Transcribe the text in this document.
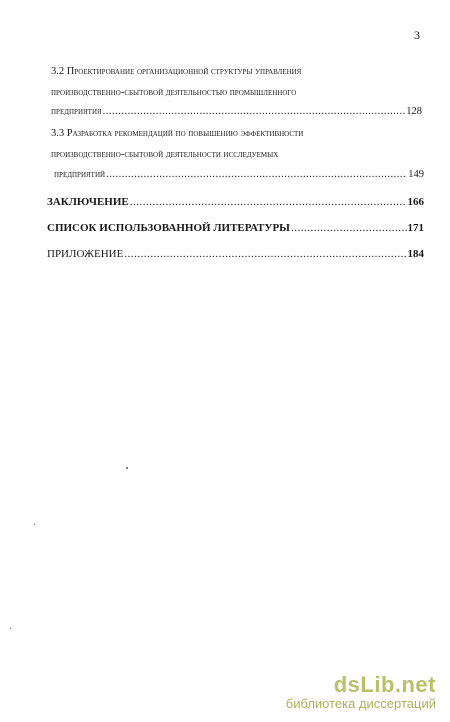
3
3.2 Проектирование организационной структуры управления
производственно-сбытовой деятельностью промышленного
предприятия .....	128
3.3 Разработка рекомендаций по повышению эффективности
производственно-сбытовой деятельности исследуемых
предприятий .....	149
ЗАКЛЮЧЕНИЕ .....	166
СПИСОК ИСПОЛЬЗОВАННОЙ ЛИТЕРАТУРЫ .....	171
ПРИЛОЖЕНИЕ .....	184
dsLib.net
библиотека диссертаций
